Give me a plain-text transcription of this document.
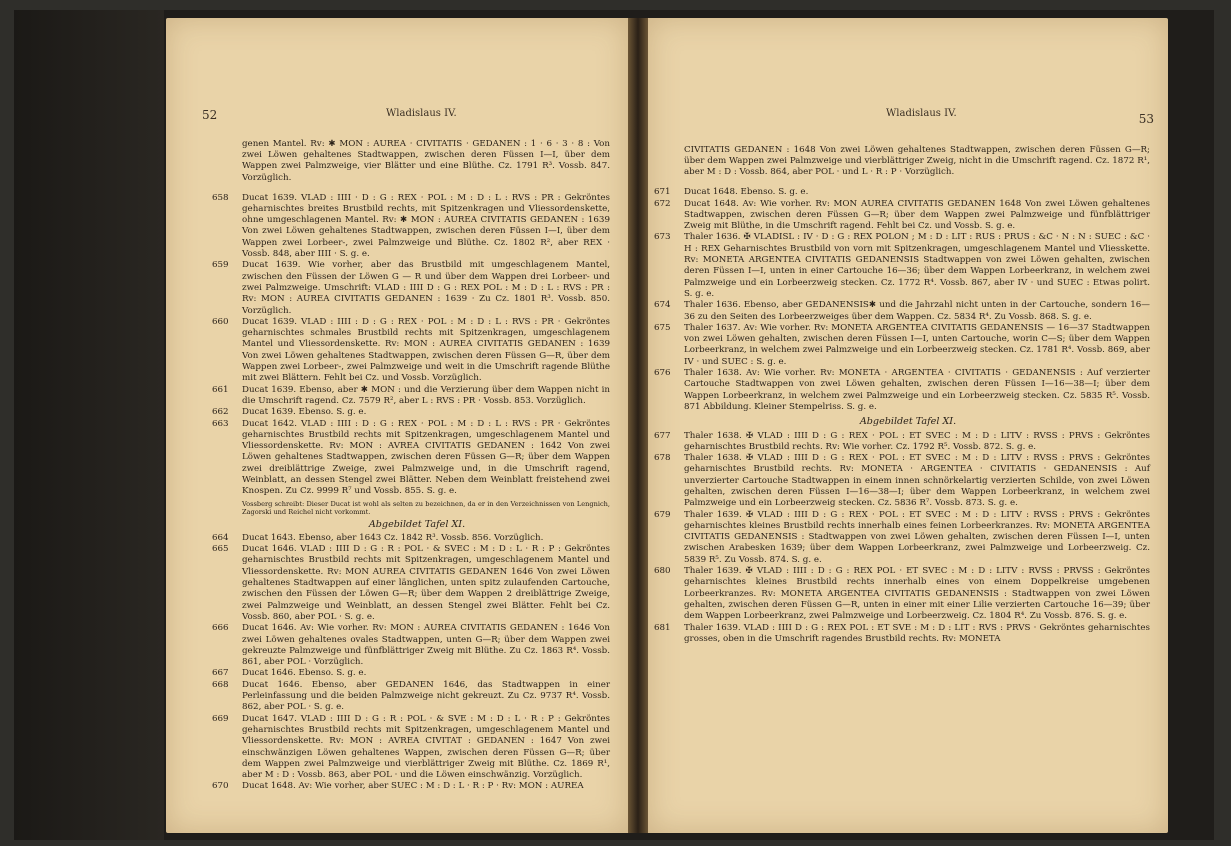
52	Wladislaus IV.

genen Mantel. Rv: ✱ MON : AUREA · CIVITATIS · GEDANEN : 1 · 6 · 3 · 8 : Von zwei Löwen gehaltenes Stadtwappen, zwischen deren Füssen I—I, über dem Wappen zwei Palmzweige, vier Blätter und eine Blüthe. Cz. 1791 R³. Vossb. 847. Vorzüglich.

658 Ducat 1639. VLAD : IIII · D : G : REX · POL : M : D : L : RVS : PR : Gekröntes geharnischtes breites Brustbild rechts, mit Spitzenkragen und Vliessordenskette, ohne umgeschlagenen Mantel. Rv: ✱ MON : AUREA CIVITATIS GEDANEN : 1639 Von zwei Löwen gehaltenes Stadtwappen, zwischen deren Füssen I—I, über dem Wappen zwei Lorbeer-, zwei Palmzweige und Blüthe. Cz. 1802 R², aber REX · Vossb. 848, aber IIII · S. g. e.

659 Ducat 1639. Wie vorher, aber das Brustbild mit umgeschlagenem Mantel, zwischen den Füssen der Löwen G — R und über dem Wappen drei Lorbeer- und zwei Palmzweige. Umschrift: VLAD : IIII D : G : REX POL : M : D : L : RVS : PR : Rv: MON : AUREA CIVITATIS GEDANEN : 1639 · Zu Cz. 1801 R³. Vossb. 850. Vorzüglich.

660 Ducat 1639. VLAD : IIII : D : G : REX · POL : M : D : L : RVS : PR · Gekröntes geharnischtes schmales Brustbild rechts mit Spitzenkragen, umgeschlagenem Mantel und Vliessordenskette. Rv: MON : AUREA CIVITATIS GEDANEN : 1639 Von zwei Löwen gehaltenes Stadtwappen, zwischen deren Füssen G—R, über dem Wappen zwei Lorbeer-, zwei Palmzweige und weit in die Umschrift ragende Blüthe mit zwei Blättern. Fehlt bei Cz. und Vossb. Vorzüglich.

661 Ducat 1639. Ebenso, aber ✱ MON : und die Verzierung über dem Wappen nicht in die Umschrift ragend. Cz. 7579 R², aber L : RVS : PR · Vossb. 853. Vorzüglich.

662 Ducat 1639. Ebenso. S. g. e.

663 Ducat 1642. VLAD : IIII : D : G : REX · POL : M : D : L : RVS : PR · Gekröntes geharnischtes Brustbild rechts mit Spitzenkragen, umgeschlagenem Mantel und Vliessordenskette. Rv: MON : AVREA CIVITATIS GEDANEN : 1642 Von zwei Löwen gehaltenes Stadtwappen, zwischen deren Füssen G—R; über dem Wappen zwei dreiblättrige Zweige, zwei Palmzweige und, in die Umschrift ragend, Weinblatt, an dessen Stengel zwei Blätter. Neben dem Weinblatt freistehend zwei Knospen. Zu Cz. 9999 R⁷ und Vossb. 855. S. g. e.

Vossberg schreibt: Dieser Ducat ist wohl als selten zu bezeichnen, da er in den Verzeichnissen von Lengnich, Zagorski und Reichel nicht vorkommt.

Abgebildet Tafel XI.

664 Ducat 1643. Ebenso, aber 1643 Cz. 1842 R³. Vossb. 856. Vorzüglich.

665 Ducat 1646. VLAD : IIII D : G : R : POL · & SVEC : M : D : L · R : P : Gekröntes geharnischtes Brustbild rechts mit Spitzenkragen, umgeschlagenem Mantel und Vliessordenskette. Rv: MON AUREA CIVITATIS GEDANEN 1646 Von zwei Löwen gehaltenes Stadtwappen auf einer länglichen, unten spitz zulaufenden Cartouche, zwischen den Füssen der Löwen G—R; über dem Wappen 2 dreiblättrige Zweige, zwei Palmzweige und Weinblatt, an dessen Stengel zwei Blätter. Fehlt bei Cz. Vossb. 860, aber POL · S. g. e.

666 Ducat 1646. Av: Wie vorher. Rv: MON : AUREA CIVITATIS GEDANEN : 1646 Von zwei Löwen gehaltenes ovales Stadtwappen, unten G—R; über dem Wappen zwei gekreuzte Palmzweige und fünfblättriger Zweig mit Blüthe. Zu Cz. 1863 R⁴. Vossb. 861, aber POL · Vorzüglich.

667 Ducat 1646. Ebenso. S. g. e.

668 Ducat 1646. Ebenso, aber GEDANEN 1646, das Stadtwappen in einer Perleinfassung und die beiden Palmzweige nicht gekreuzt. Zu Cz. 9737 R⁴. Vossb. 862, aber POL · S. g. e.

669 Ducat 1647. VLAD : IIII D : G : R : POL · & SVE : M : D : L · R : P : Gekröntes geharnischtes Brustbild rechts mit Spitzenkragen, umgeschlagenem Mantel und Vliessordenskette. Rv: MON : AVREA CIVITAT : GEDANEN : 1647 Von zwei einschwänzigen Löwen gehaltenes Wappen, zwischen deren Füssen G—R; über dem Wappen zwei Palmzweige und vierblättriger Zweig mit Blüthe. Cz. 1869 R¹, aber M : D : Vossb. 863, aber POL · und die Löwen einschwänzig. Vorzüglich.

670 Ducat 1648. Av: Wie vorher, aber SUEC : M : D : L · R : P · Rv: MON : AUREA

Wladislaus IV.	53

CIVITATIS GEDANEN : 1648 Von zwei Löwen gehaltenes Stadtwappen, zwischen deren Füssen G—R; über dem Wappen zwei Palmzweige und vierblättriger Zweig, nicht in die Umschrift ragend. Cz. 1872 R¹, aber M : D : Vossb. 864, aber POL · und L · R : P · Vorzüglich.

671 Ducat 1648. Ebenso. S. g. e.

672 Ducat 1648. Av: Wie vorher. Rv: MON AUREA CIVITATIS GEDANEN 1648 Von zwei Löwen gehaltenes Stadtwappen, zwischen deren Füssen G—R; über dem Wappen zwei Palmzweige und fünfblättriger Zweig mit Blüthe, in die Umschrift ragend. Fehlt bei Cz. und Vossb. S. g. e.

673 Thaler 1636. ✠ VLADISL : IV · D : G : REX POLON ; M : D : LIT : RUS : PRUS : &C · N : N : SUEC : &C · H : REX Geharnischtes Brustbild von vorn mit Spitzenkragen, umgeschlagenem Mantel und Vliesskette. Rv: MONETA ARGENTEA CIVITATIS GEDANENSIS Stadtwappen von zwei Löwen gehalten, zwischen deren Füssen I—I, unten in einer Cartouche 16—36; über dem Wappen Lorbeerkranz, in welchem zwei Palmzweige und ein Lorbeerzweig stecken. Cz. 1772 R⁴. Vossb. 867, aber IV · und SUEC : Etwas polirt. S. g. e.

674 Thaler 1636. Ebenso, aber GEDANENSIS✱ und die Jahrzahl nicht unten in der Cartouche, sondern 16—36 zu den Seiten des Lorbeerzweiges über dem Wappen. Cz. 5834 R⁴. Zu Vossb. 868. S. g. e.

675 Thaler 1637. Av: Wie vorher. Rv: MONETA ARGENTEA CIVITATIS GEDANENSIS — 16—37 Stadtwappen von zwei Löwen gehalten, zwischen deren Füssen I—I, unten Cartouche, worin C—S; über dem Wappen Lorbeerkranz, in welchem zwei Palmzweige und ein Lorbeerzweig stecken. Cz. 1781 R⁴. Vossb. 869, aber IV · und SUEC : S. g. e.

676 Thaler 1638. Av: Wie vorher. Rv: MONETA · ARGENTEA · CIVITATIS · GEDANENSIS : Auf verzierter Cartouche Stadtwappen von zwei Löwen gehalten, zwischen deren Füssen I—16—38—I; über dem Wappen Lorbeerkranz, in welchem zwei Palmzweige und ein Lorbeerzweig stecken. Cz. 5835 R⁵. Vossb. 871 Abbildung. Kleiner Stempelriss. S. g. e.

Abgebildet Tafel XI.

677 Thaler 1638. ✠ VLAD : IIII D : G : REX · POL : ET SVEC : M : D : LITV : RVSS : PRVS : Gekröntes geharnischtes Brustbild rechts. Rv: Wie vorher. Cz. 1792 R⁵. Vossb. 872. S. g. e.

678 Thaler 1638. ✠ VLAD : IIII D : G : REX · POL : ET SVEC : M : D : LITV : RVSS : PRVS : Gekröntes geharnischtes Brustbild rechts. Rv: MONETA · ARGENTEA · CIVITATIS · GEDANENSIS : Auf unverzierter Cartouche Stadtwappen in einem innen schnörkelartig verzierten Schilde, von zwei Löwen gehalten, zwischen deren Füssen I—16—38—I; über dem Wappen Lorbeerkranz, in welchem zwei Palmzweige und ein Lorbeerzweig stecken. Cz. 5836 R⁷. Vossb. 873. S. g. e.

679 Thaler 1639. ✠ VLAD : IIII D : G : REX · POL : ET SVEC : M : D : LITV : RVSS : PRVS : Gekröntes geharnischtes kleines Brustbild rechts innerhalb eines feinen Lorbeerkranzes. Rv: MONETA ARGENTEA CIVITATIS GEDANENSIS : Stadtwappen von zwei Löwen gehalten, zwischen deren Füssen I—I, unten zwischen Arabesken 1639; über dem Wappen Lorbeerkranz, zwei Palmzweige und Lorbeerzweig. Cz. 5839 R⁵. Zu Vossb. 874. S. g. e.

680 Thaler 1639. ✠ VLAD : IIII : D : G : REX POL · ET SVEC : M : D : LITV : RVSS : PRVSS : Gekröntes geharnischtes kleines Brustbild rechts innerhalb eines von einem Doppelkreise umgebenen Lorbeerkranzes. Rv: MONETA ARGENTEA CIVITATIS GEDANENSIS : Stadtwappen von zwei Löwen gehalten, zwischen deren Füssen G—R, unten in einer mit einer Lilie verzierten Cartouche 16—39; über dem Wappen Lorbeerkranz, zwei Palmzweige und Lorbeerzweig. Cz. 1804 R⁴. Zu Vossb. 876. S. g. e.

681 Thaler 1639. VLAD : IIII D : G : REX POL : ET SVE : M : D : LIT : RVS : PRVS · Gekröntes geharnischtes grosses, oben in die Umschrift ragendes Brustbild rechts. Rv: MONETA
